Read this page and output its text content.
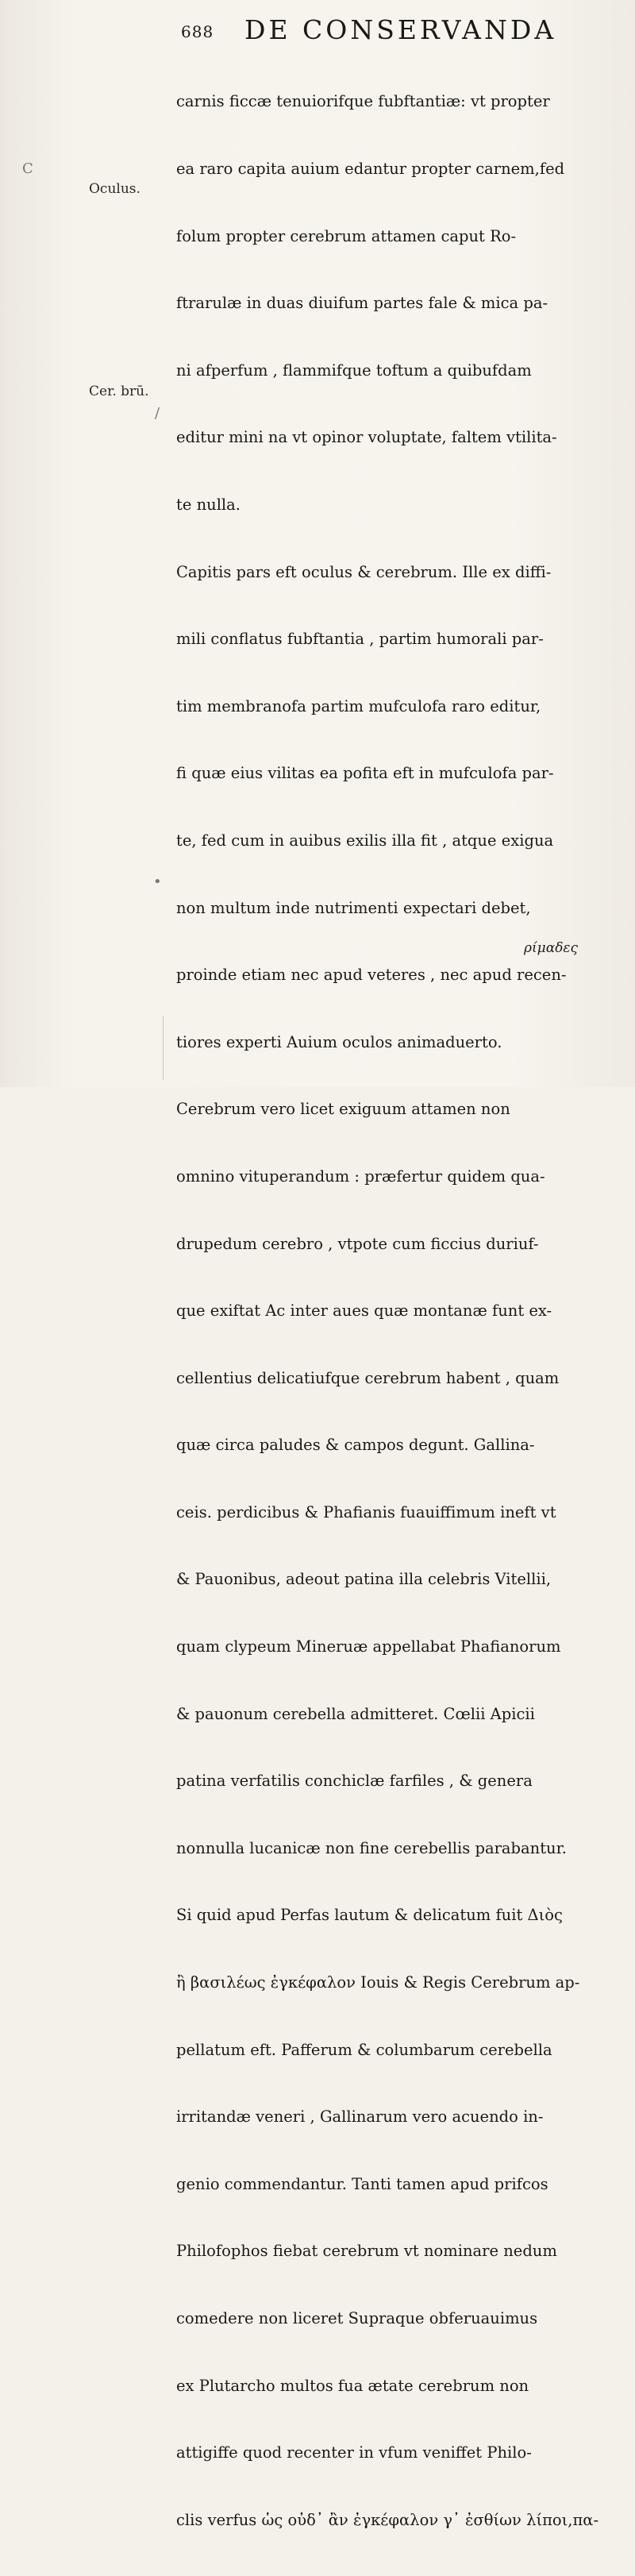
688 DE CONSERVANDA
C
Oculus.
Cer. brū.
/
•

carnis ficcæ tenuiorifque fubftantiæ: vt propter

ea raro capita auium edantur propter carnem,fed

folum propter cerebrum attamen caput Ro-

ftrarulæ in duas diuifum partes fale & mica pa-

ni afperfum , flammifque toftum a quibufdam

editur mini na vt opinor voluptate, faltem vtilita-

te nulla.

Capitis pars eft oculus & cerebrum. Ille ex diffi-

mili conflatus fubftantia , partim humorali par-

tim membranofa partim mufculofa raro editur,

fi quæ eius vilitas ea pofita eft in mufculofa par-

te, fed cum in auibus exilis illa fit , atque exigua

non multum inde nutrimenti expectari debet,

proinde etiam nec apud veteres , nec apud recen-

tiores experti Auium oculos animaduerto.

Cerebrum vero licet exiguum attamen non

omnino vituperandum : præfertur quidem qua-

drupedum cerebro , vtpote cum ficcius duriuf-

que exiftat Ac inter aues quæ montanæ funt ex-

cellentius delicatiufque cerebrum habent , quam

quæ circa paludes & campos degunt. Gallina-

ceis. perdicibus & Phafianis fuauiffimum ineft vt

& Pauonibus, adeout patina illa celebris Vitellii,

quam clypeum Mineruæ appellabat Phafianorum

& pauonum cerebella admitteret. Cœlii Apicii

patina verfatilis conchiclæ farfiles , & genera

nonnulla lucanicæ non fine cerebellis parabantur.

Si quid apud Perfas lautum & delicatum fuit Διὸς

ἢ βασιλέως ἐγκέφαλον Iouis & Regis Cerebrum ap-

pellatum eft. Pafferum & columbarum cerebella

irritandæ veneri , Gallinarum vero acuendo in-

genio commendantur. Tanti tamen apud prifcos

Philofophos fiebat cerebrum vt nominare nedum

comedere non liceret Supraque obferuauimus

ex Plutarcho multos fua ætate cerebrum non

attigiffe quod recenter in vfum veniffet Philo-

clis verfus ὡς οὐδ᾽ ἂν ἐγκέφαλον γ᾽ ἐσθίων λίποι,πα-

ρίμαδες
